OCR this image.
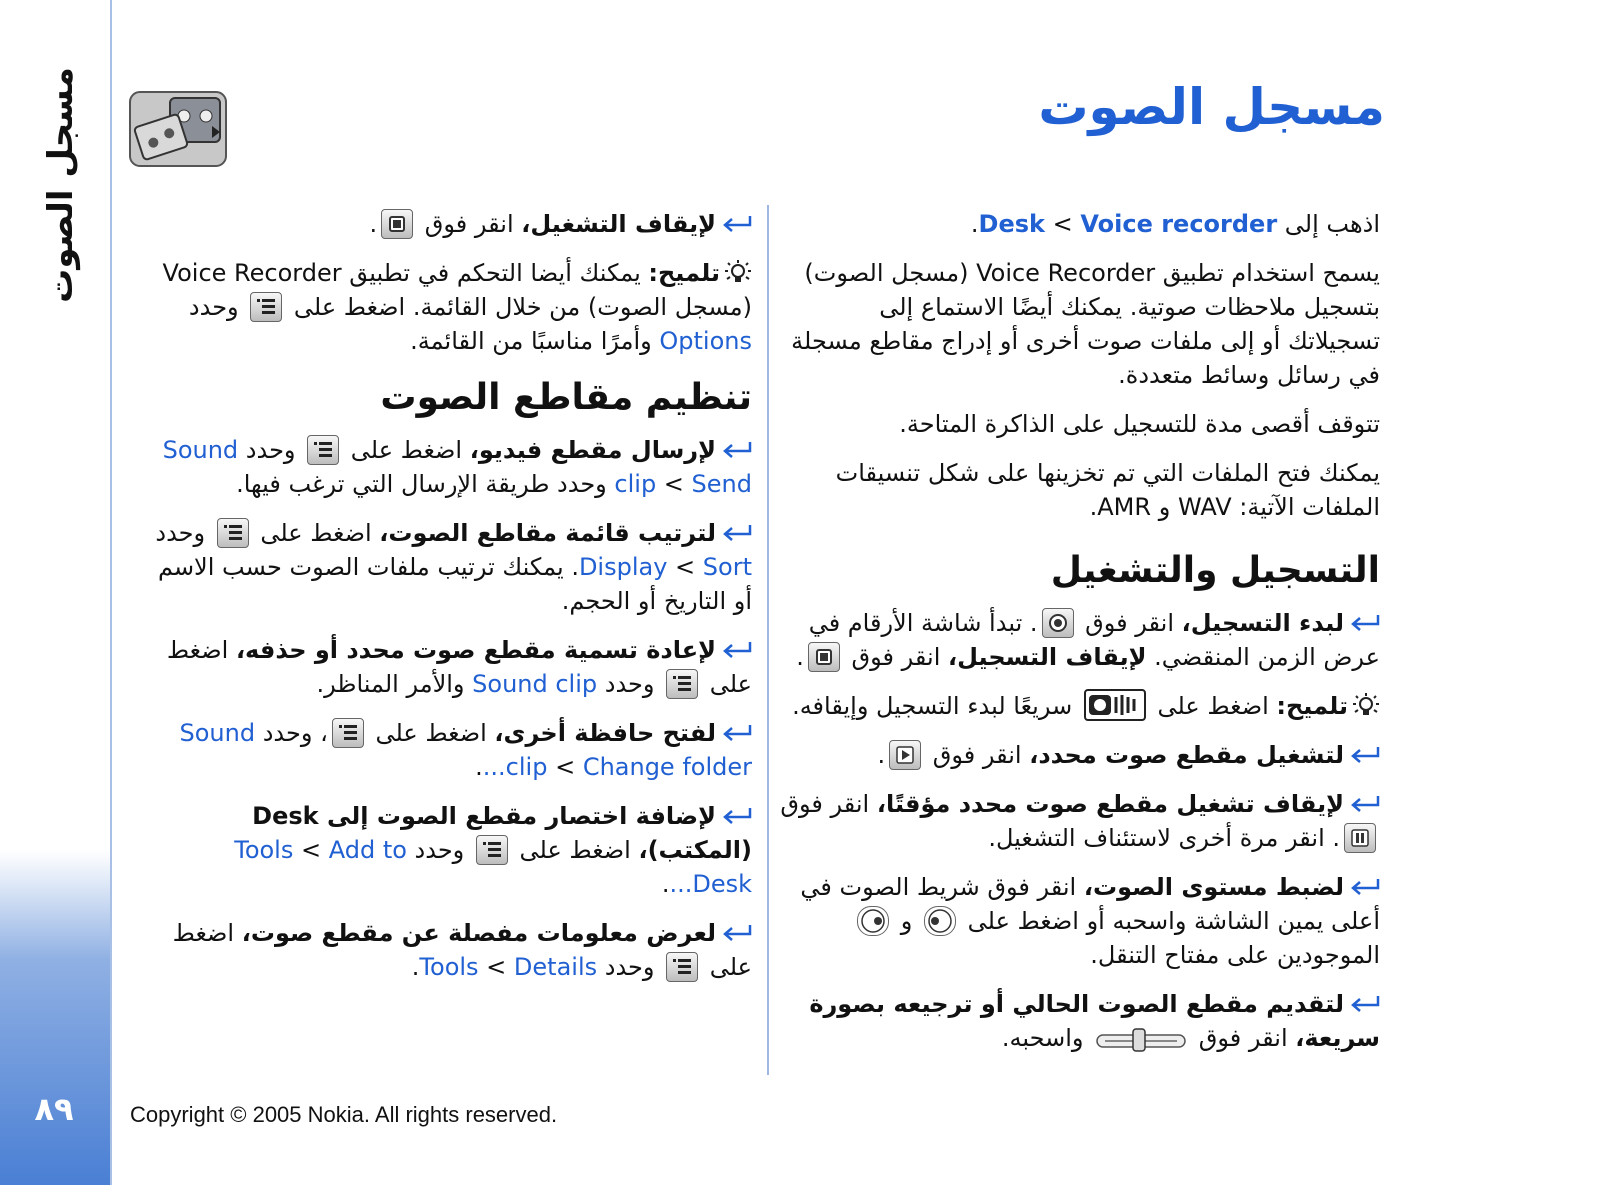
مسجل الصوت
٨٩
مسجل الصوت

اذهب إلى Desk < Voice recorder.

يسمح استخدام تطبيق Voice Recorder (مسجل الصوت) بتسجيل ملاحظات صوتية. يمكنك أيضًا الاستماع إلى تسجيلاتك أو إلى ملفات صوت أخرى أو إدراج مقاطع مسجلة في رسائل وسائط متعددة.

تتوقف أقصى مدة للتسجيل على الذاكرة المتاحة.

يمكنك فتح الملفات التي تم تخزينها على شكل تنسيقات الملفات الآتية: WAV و AMR.

التسجيل والتشغيل

لبدء التسجيل، انقر فوق
. تبدأ شاشة الأرقام في عرض الزمن المنقضي. لإيقاف التسجيل، انقر فوق
.

تلميح: اضغط على
سريعًا لبدء التسجيل وإيقافه.

لتشغيل مقطع صوت محدد، انقر فوق
.

لإيقاف تشغيل مقطع صوت محدد مؤقتًا، انقر فوق
. انقر مرة أخرى لاستئناف التشغيل.

لضبط مستوى الصوت، انقر فوق شريط الصوت في أعلى يمين الشاشة واسحبه أو اضغط على
و
الموجودين على مفتاح التنقل.

لتقديم مقطع الصوت الحالي أو ترجيعه بصورة سريعة، انقر فوق  واسحبه.

لإيقاف التشغيل، انقر فوق
.

تلميح: يمكنك أيضا التحكم في تطبيق Voice Recorder (مسجل الصوت) من خلال القائمة. اضغط على
وحدد Options وأمرًا مناسبًا من القائمة.

تنظيم مقاطع الصوت

لإرسال مقطع فيديو، اضغط على
وحدد Sound clip < Send وحدد طريقة الإرسال التي ترغب فيها.

لترتيب قائمة مقاطع الصوت، اضغط على
وحدد Display < Sort. يمكنك ترتيب ملفات الصوت حسب الاسم أو التاريخ أو الحجم.

لإعادة تسمية مقطع صوت محدد أو حذفه، اضغط على
وحدد Sound clip والأمر المناظر.

لفتح حافظة أخرى، اضغط على
، وحدد Sound clip < Change folder....

لإضافة اختصار مقطع الصوت إلى Desk (المكتب)، اضغط على
وحدد Tools < Add to Desk....

لعرض معلومات مفصلة عن مقطع صوت، اضغط على
وحدد Tools < Details.

Copyright © 2005 Nokia. All rights reserved.
